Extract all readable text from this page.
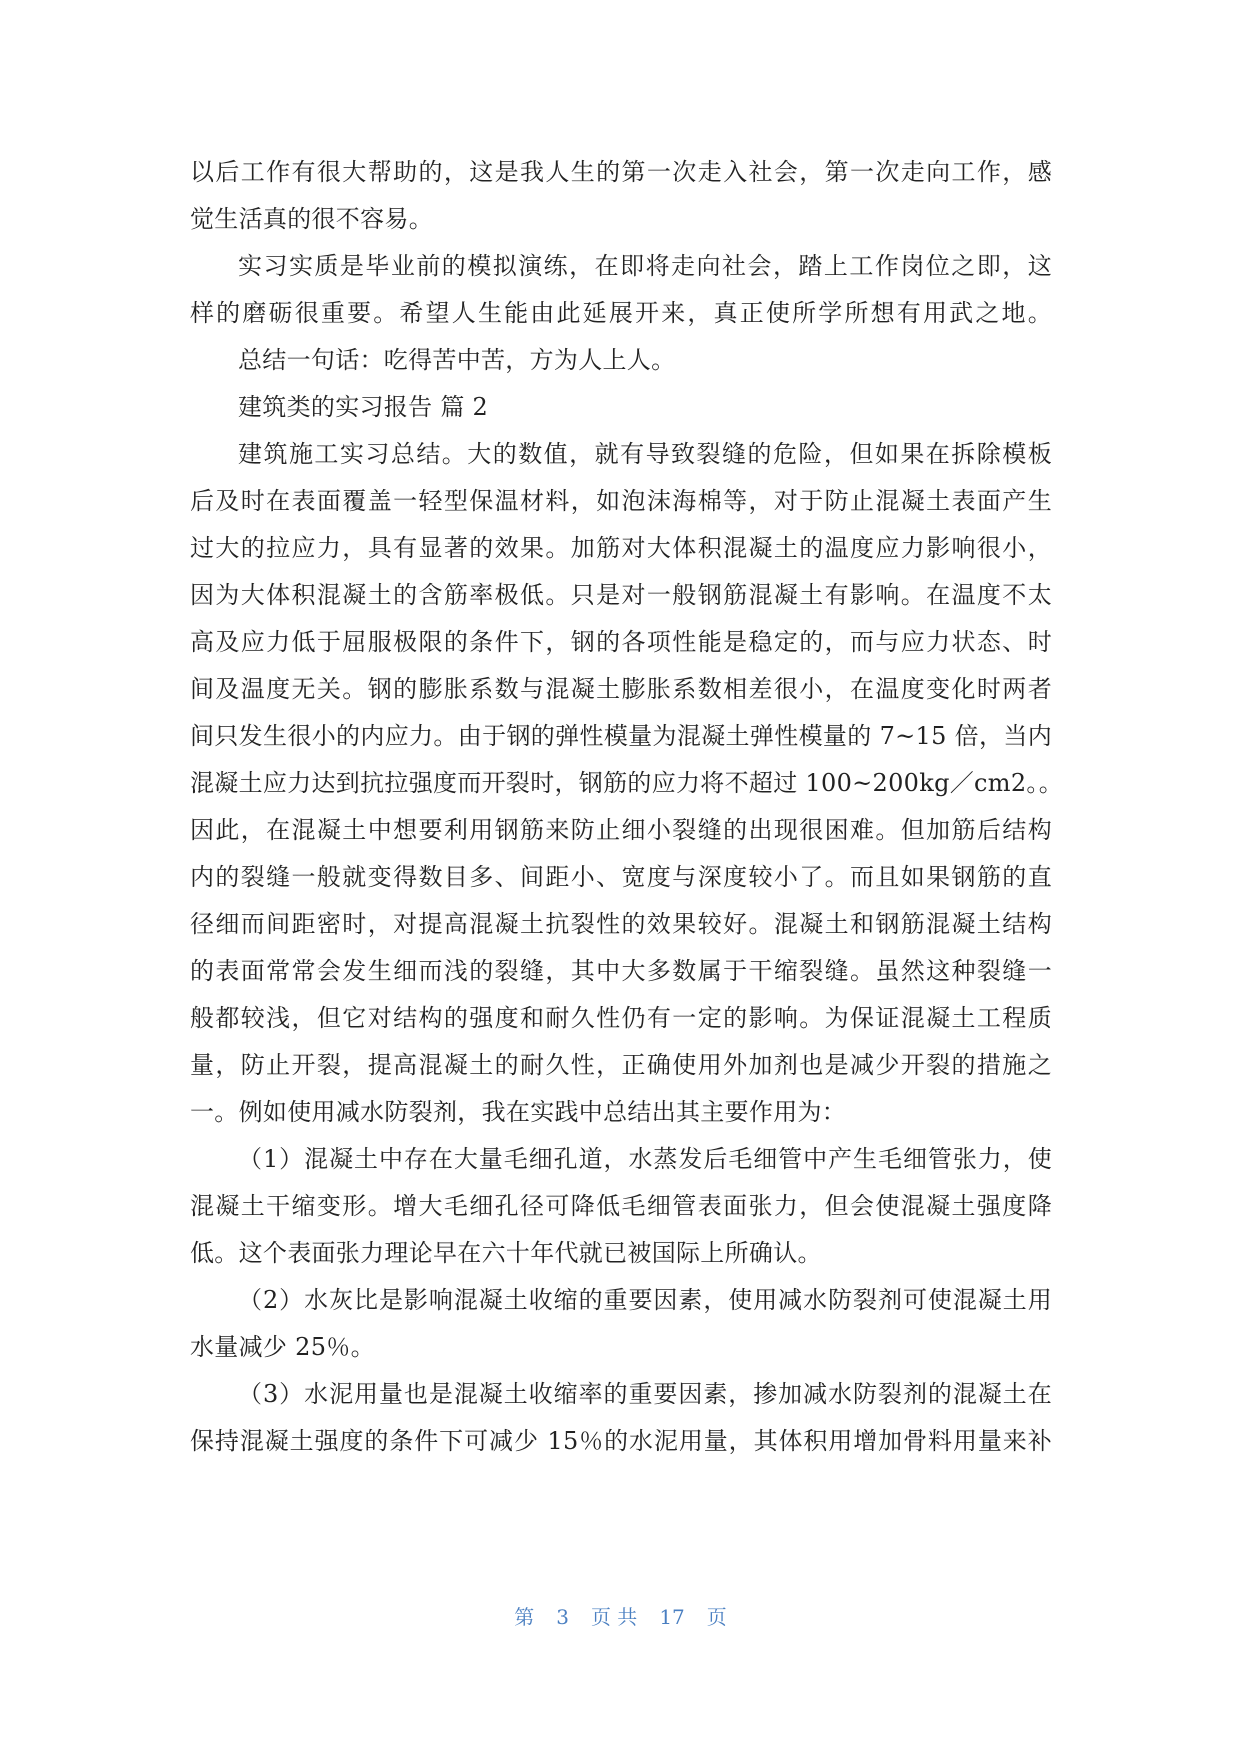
以后工作有很大帮助的，这是我人生的第一次走入社会，第一次走向工作，感
觉生活真的很不容易。
实习实质是毕业前的模拟演练，在即将走向社会，踏上工作岗位之即，这
样的磨砺很重要。希望人生能由此延展开来，真正使所学所想有用武之地。
总结一句话：吃得苦中苦，方为人上人。
建筑类的实习报告 篇 2
建筑施工实习总结。大的数值，就有导致裂缝的危险，但如果在拆除模板
后及时在表面覆盖一轻型保温材料，如泡沫海棉等，对于防止混凝土表面产生
过大的拉应力，具有显著的效果。加筋对大体积混凝土的温度应力影响很小，
因为大体积混凝土的含筋率极低。只是对一般钢筋混凝土有影响。在温度不太
高及应力低于屈服极限的条件下，钢的各项性能是稳定的，而与应力状态、时
间及温度无关。钢的膨胀系数与混凝土膨胀系数相差很小，在温度变化时两者
间只发生很小的内应力。由于钢的弹性模量为混凝土弹性模量的 7~15 倍，当内
混凝土应力达到抗拉强度而开裂时，钢筋的应力将不超过 100~200kg／cm2。。
因此，在混凝土中想要利用钢筋来防止细小裂缝的出现很困难。但加筋后结构
内的裂缝一般就变得数目多、间距小、宽度与深度较小了。而且如果钢筋的直
径细而间距密时，对提高混凝土抗裂性的效果较好。混凝土和钢筋混凝土结构
的表面常常会发生细而浅的裂缝，其中大多数属于干缩裂缝。虽然这种裂缝一
般都较浅，但它对结构的强度和耐久性仍有一定的影响。为保证混凝土工程质
量，防止开裂，提高混凝土的耐久性，正确使用外加剂也是减少开裂的措施之
一。例如使用减水防裂剂，我在实践中总结出其主要作用为：
（1）混凝土中存在大量毛细孔道，水蒸发后毛细管中产生毛细管张力，使
混凝土干缩变形。增大毛细孔径可降低毛细管表面张力，但会使混凝土强度降
低。这个表面张力理论早在六十年代就已被国际上所确认。
（2）水灰比是影响混凝土收缩的重要因素，使用减水防裂剂可使混凝土用
水量减少 25％。
（3）水泥用量也是混凝土收缩率的重要因素，掺加减水防裂剂的混凝土在
保持混凝土强度的条件下可减少 15％的水泥用量，其体积用增加骨料用量来补
第 3 页 共 17 页
